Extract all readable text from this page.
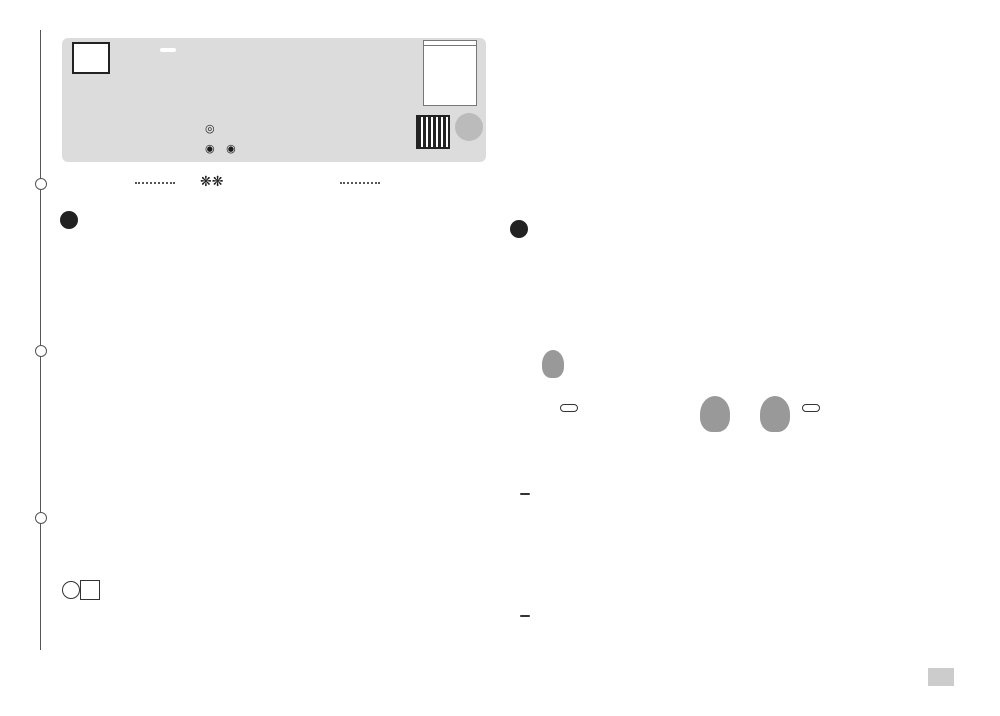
◎
◉ ◉
❋❋
